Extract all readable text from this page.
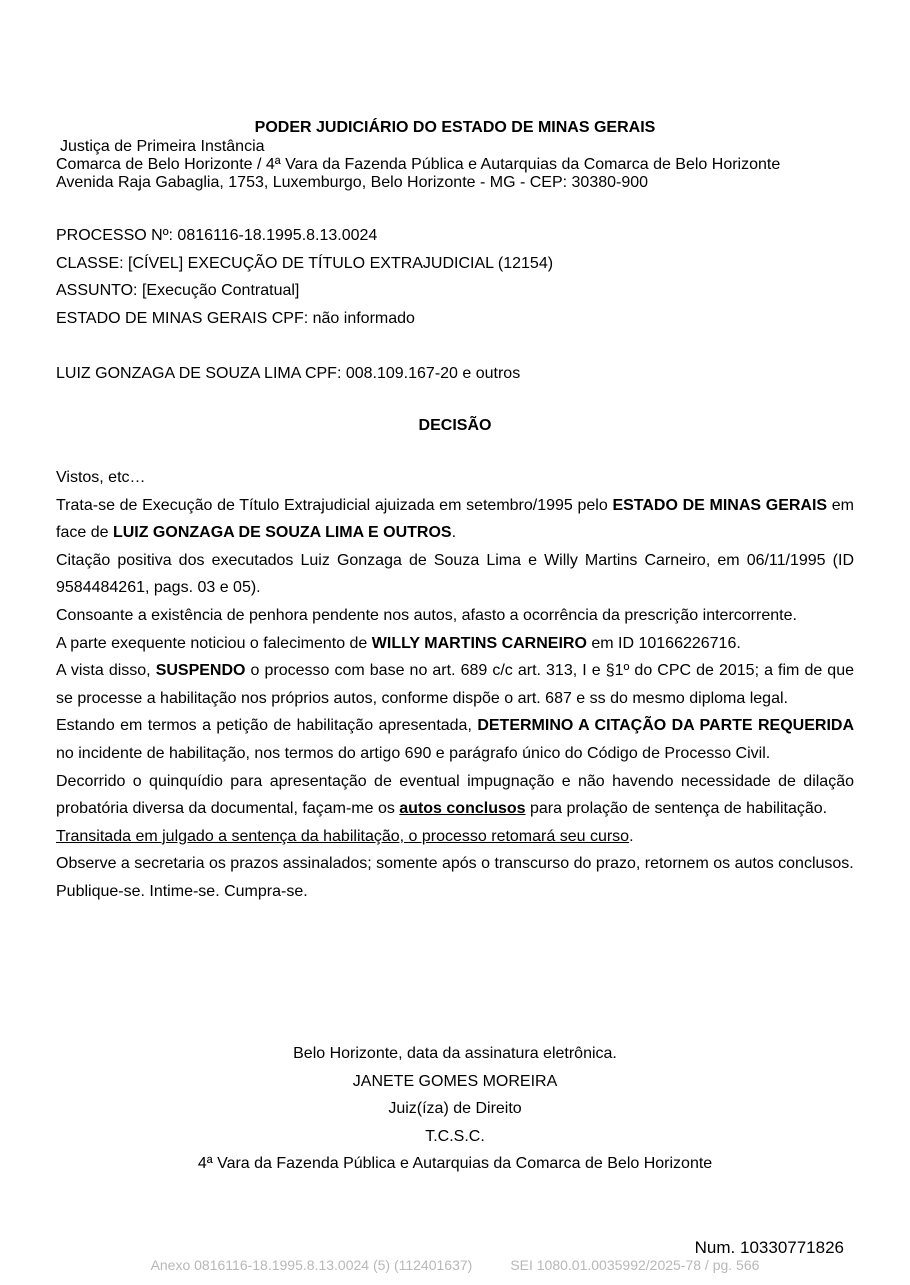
PODER JUDICIÁRIO DO ESTADO DE MINAS GERAIS
Justiça de Primeira Instância
Comarca de Belo Horizonte / 4ª Vara da Fazenda Pública e Autarquias da Comarca de Belo Horizonte
Avenida Raja Gabaglia, 1753, Luxemburgo, Belo Horizonte - MG - CEP: 30380-900
PROCESSO Nº: 0816116-18.1995.8.13.0024
CLASSE: [CÍVEL] EXECUÇÃO DE TÍTULO EXTRAJUDICIAL (12154)
ASSUNTO: [Execução Contratual]
ESTADO DE MINAS GERAIS CPF: não informado
LUIZ GONZAGA DE SOUZA LIMA CPF: 008.109.167-20 e outros
DECISÃO

Vistos, etc…

Trata-se de Execução de Título Extrajudicial ajuizada em setembro/1995 pelo ESTADO DE MINAS GERAIS em face de LUIZ GONZAGA DE SOUZA LIMA E OUTROS.

Citação positiva dos executados Luiz Gonzaga de Souza Lima e Willy Martins Carneiro, em 06/11/1995 (ID 9584484261, pags. 03 e 05).

Consoante a existência de penhora pendente nos autos, afasto a ocorrência da prescrição intercorrente.

A parte exequente noticiou o falecimento de WILLY MARTINS CARNEIRO em ID 10166226716.

A vista disso, SUSPENDO o processo com base no art. 689 c/c art. 313, I e §1º do CPC de 2015; a fim de que se processe a habilitação nos próprios autos, conforme dispõe o art. 687 e ss do mesmo diploma legal.

Estando em termos a petição de habilitação apresentada, DETERMINO A CITAÇÃO DA PARTE REQUERIDA no incidente de habilitação, nos termos do artigo 690 e parágrafo único do Código de Processo Civil.

Decorrido o quinquídio para apresentação de eventual impugnação e não havendo necessidade de dilação probatória diversa da documental, façam-me os autos conclusos para prolação de sentença de habilitação.

Transitada em julgado a sentença da habilitação, o processo retomará seu curso.

Observe a secretaria os prazos assinalados; somente após o transcurso do prazo, retornem os autos conclusos.

Publique-se. Intime-se. Cumpra-se.

Belo Horizonte, data da assinatura eletrônica.
JANETE GOMES MOREIRA
Juiz(íza) de Direito
T.C.S.C.
4ª Vara da Fazenda Pública e Autarquias da Comarca de Belo Horizonte
Num. 10330771826
Anexo 0816116-18.1995.8.13.0024 (5) (112401637)	SEI 1080.01.0035992/2025-78 / pg. 566
